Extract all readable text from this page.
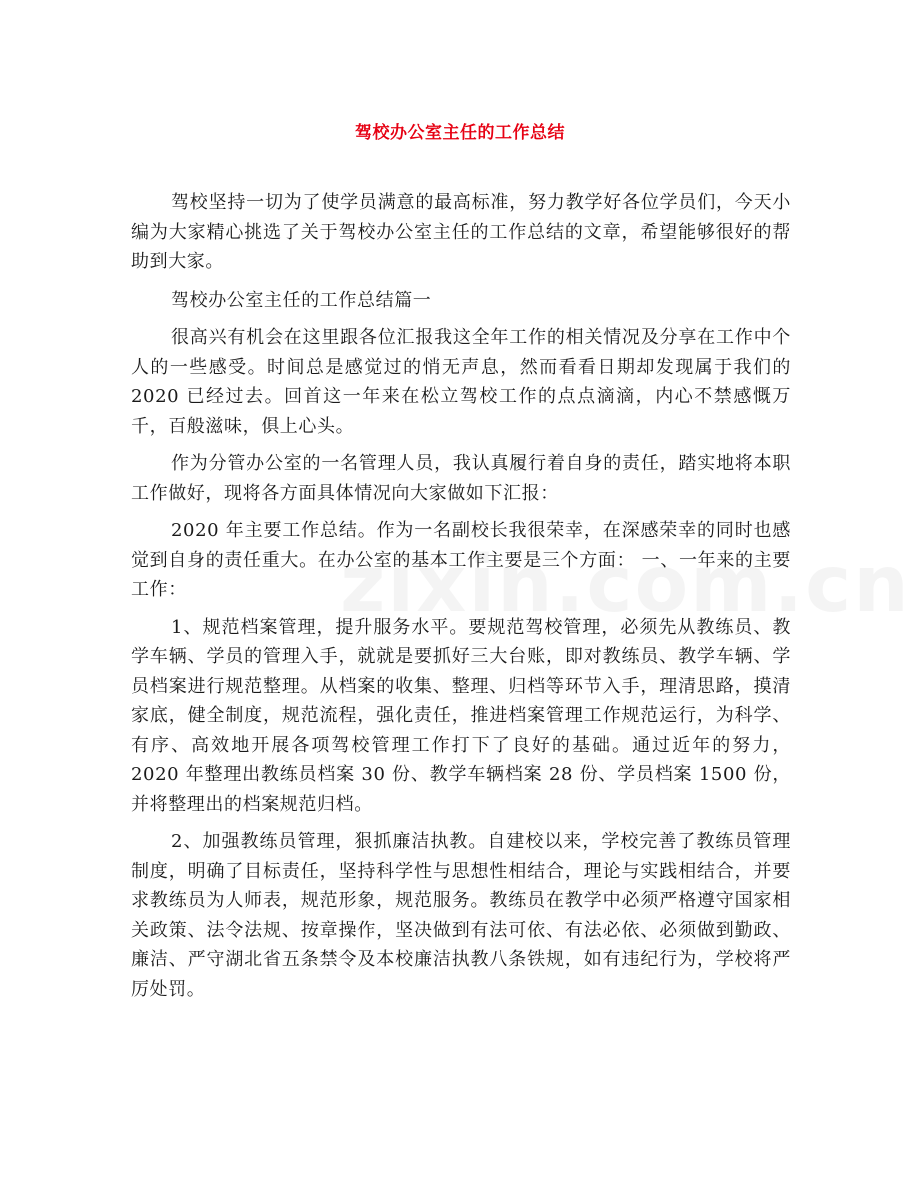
驾校办公室主任的工作总结

驾校坚持一切为了使学员满意的最高标准，努力教学好各位学员们，今天小编为大家精心挑选了关于驾校办公室主任的工作总结的文章，希望能够很好的帮助到大家。

驾校办公室主任的工作总结篇一

很高兴有机会在这里跟各位汇报我这全年工作的相关情况及分享在工作中个人的一些感受。时间总是感觉过的悄无声息，然而看看日期却发现属于我们的 2020 已经过去。回首这一年来在松立驾校工作的点点滴滴，内心不禁感慨万千，百般滋味，俱上心头。

作为分管办公室的一名管理人员，我认真履行着自身的责任，踏实地将本职工作做好，现将各方面具体情况向大家做如下汇报：

2020 年主要工作总结。作为一名副校长我很荣幸，在深感荣幸的同时也感觉到自身的责任重大。在办公室的基本工作主要是三个方面： 一、一年来的主要工作：

1、规范档案管理，提升服务水平。要规范驾校管理，必须先从教练员、教学车辆、学员的管理入手，就就是要抓好三大台账，即对教练员、教学车辆、学员档案进行规范整理。从档案的收集、整理、归档等环节入手，理清思路，摸清家底，健全制度，规范流程，强化责任，推进档案管理工作规范运行，为科学、有序、高效地开展各项驾校管理工作打下了良好的基础。通过近年的努力，2020 年整理出教练员档案 30 份、教学车辆档案 28 份、学员档案 1500 份，并将整理出的档案规范归档。

2、加强教练员管理，狠抓廉洁执教。自建校以来，学校完善了教练员管理制度，明确了目标责任，坚持科学性与思想性相结合，理论与实践相结合，并要求教练员为人师表，规范形象，规范服务。教练员在教学中必须严格遵守国家相关政策、法令法规、按章操作，坚决做到有法可依、有法必依、必须做到勤政、廉洁、严守湖北省五条禁令及本校廉洁执教八条铁规，如有违纪行为，学校将严厉处罚。
